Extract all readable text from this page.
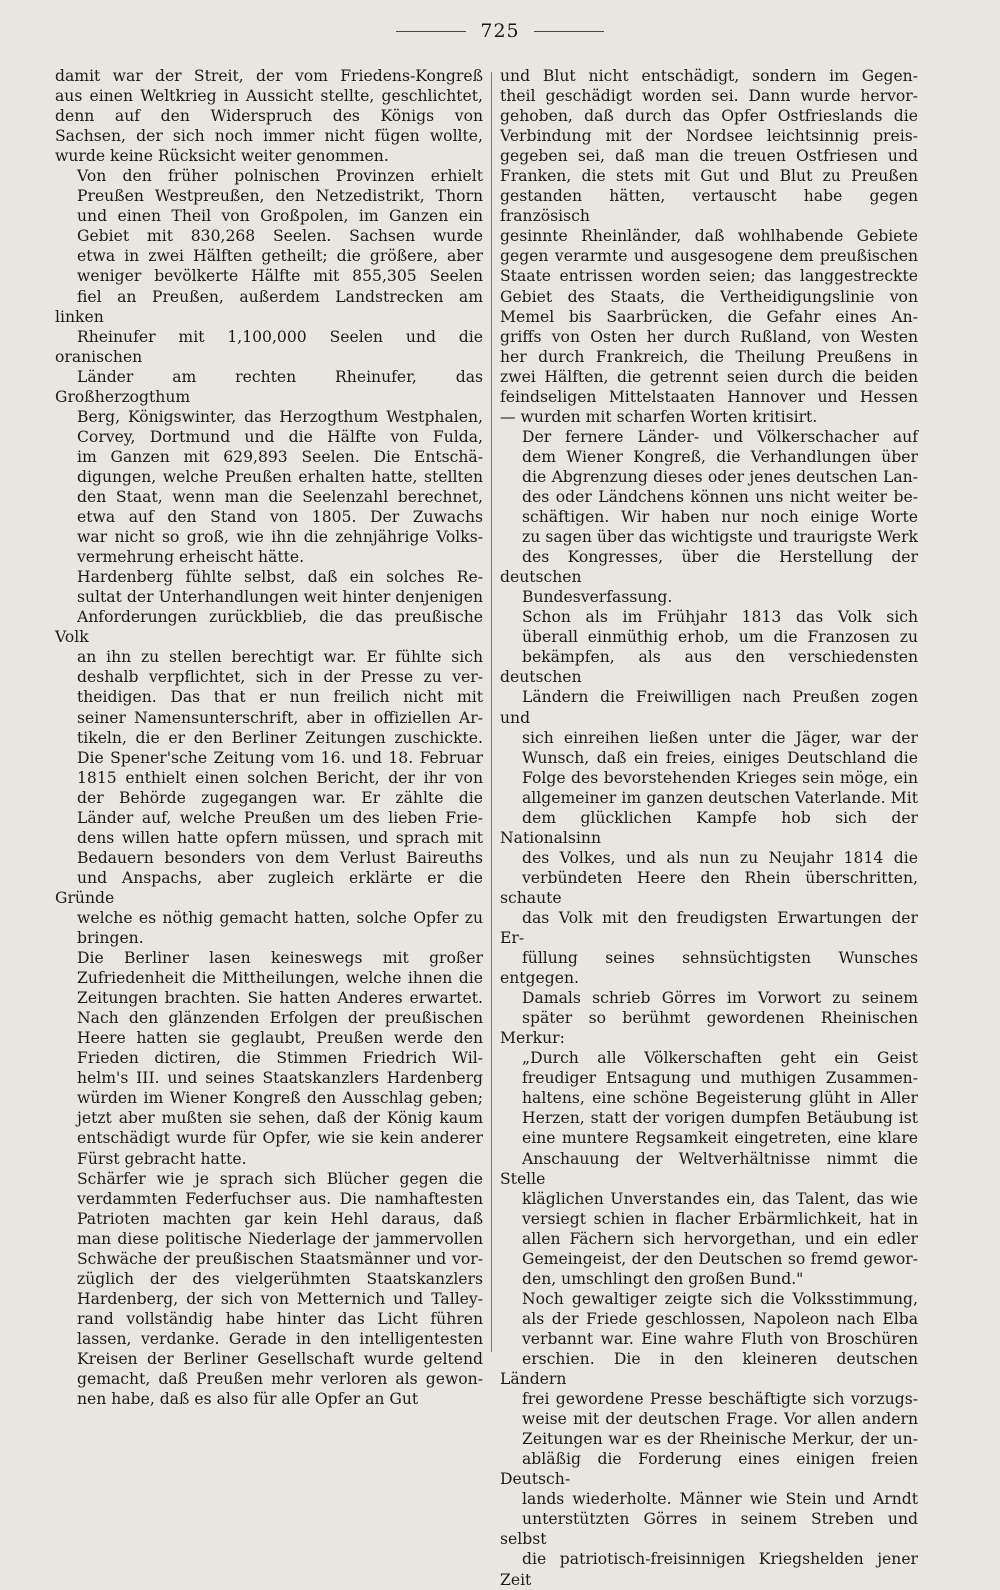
725

damit war der Streit, der vom Friedens-Kongreß
aus einen Weltkrieg in Aussicht stellte, geschlichtet,
denn auf den Widerspruch des Königs von
Sachsen, der sich noch immer nicht fügen wollte,
wurde keine Rücksicht weiter genommen.

Von den früher polnischen Provinzen erhielt
Preußen Westpreußen, den Netzedistrikt, Thorn
und einen Theil von Großpolen, im Ganzen ein
Gebiet mit 830,268 Seelen. Sachsen wurde
etwa in zwei Hälften getheilt; die größere, aber
weniger bevölkerte Hälfte mit 855,305 Seelen
fiel an Preußen, außerdem Landstrecken am linken
Rheinufer mit 1,100,000 Seelen und die oranischen
Länder am rechten Rheinufer, das Großherzogthum
Berg, Königswinter, das Herzogthum Westphalen,
Corvey, Dortmund und die Hälfte von Fulda,
im Ganzen mit 629,893 Seelen. Die Entschä-
digungen, welche Preußen erhalten hatte, stellten
den Staat, wenn man die Seelenzahl berechnet,
etwa auf den Stand von 1805. Der Zuwachs
war nicht so groß, wie ihn die zehnjährige Volks-
vermehrung erheischt hätte.

Hardenberg fühlte selbst, daß ein solches Re-
sultat der Unterhandlungen weit hinter denjenigen
Anforderungen zurückblieb, die das preußische Volk
an ihn zu stellen berechtigt war. Er fühlte sich
deshalb verpflichtet, sich in der Presse zu ver-
theidigen. Das that er nun freilich nicht mit
seiner Namensunterschrift, aber in offiziellen Ar-
tikeln, die er den Berliner Zeitungen zuschickte.
Die Spener'sche Zeitung vom 16. und 18. Februar
1815 enthielt einen solchen Bericht, der ihr von
der Behörde zugegangen war. Er zählte die
Länder auf, welche Preußen um des lieben Frie-
dens willen hatte opfern müssen, und sprach mit
Bedauern besonders von dem Verlust Baireuths
und Anspachs, aber zugleich erklärte er die Gründe
welche es nöthig gemacht hatten, solche Opfer zu
bringen.

Die Berliner lasen keineswegs mit großer
Zufriedenheit die Mittheilungen, welche ihnen die
Zeitungen brachten. Sie hatten Anderes erwartet.
Nach den glänzenden Erfolgen der preußischen
Heere hatten sie geglaubt, Preußen werde den
Frieden dictiren, die Stimmen Friedrich Wil-
helm's III. und seines Staatskanzlers Hardenberg
würden im Wiener Kongreß den Ausschlag geben;
jetzt aber mußten sie sehen, daß der König kaum
entschädigt wurde für Opfer, wie sie kein anderer
Fürst gebracht hatte.

Schärfer wie je sprach sich Blücher gegen die
verdammten Federfuchser aus. Die namhaftesten
Patrioten machten gar kein Hehl daraus, daß
man diese politische Niederlage der jammervollen
Schwäche der preußischen Staatsmänner und vor-
züglich der des vielgerühmten Staatskanzlers
Hardenberg, der sich von Metternich und Talley-
rand vollständig habe hinter das Licht führen
lassen, verdanke. Gerade in den intelligentesten
Kreisen der Berliner Gesellschaft wurde geltend
gemacht, daß Preußen mehr verloren als gewon-
nen habe, daß es also für alle Opfer an Gut

und Blut nicht entschädigt, sondern im Gegen-
theil geschädigt worden sei. Dann wurde hervor-
gehoben, daß durch das Opfer Ostfrieslands die
Verbindung mit der Nordsee leichtsinnig preis-
gegeben sei, daß man die treuen Ostfriesen und
Franken, die stets mit Gut und Blut zu Preußen
gestanden hätten, vertauscht habe gegen französisch
gesinnte Rheinländer, daß wohlhabende Gebiete
gegen verarmte und ausgesogene dem preußischen
Staate entrissen worden seien; das langgestreckte
Gebiet des Staats, die Vertheidigungslinie von
Memel bis Saarbrücken, die Gefahr eines An-
griffs von Osten her durch Rußland, von Westen
her durch Frankreich, die Theilung Preußens in
zwei Hälften, die getrennt seien durch die beiden
feindseligen Mittelstaaten Hannover und Hessen
— wurden mit scharfen Worten kritisirt.

Der fernere Länder- und Völkerschacher auf
dem Wiener Kongreß, die Verhandlungen über
die Abgrenzung dieses oder jenes deutschen Lan-
des oder Ländchens können uns nicht weiter be-
schäftigen. Wir haben nur noch einige Worte
zu sagen über das wichtigste und traurigste Werk
des Kongresses, über die Herstellung der deutschen
Bundesverfassung.

Schon als im Frühjahr 1813 das Volk sich
überall einmüthig erhob, um die Franzosen zu
bekämpfen, als aus den verschiedensten deutschen
Ländern die Freiwilligen nach Preußen zogen und
sich einreihen ließen unter die Jäger, war der
Wunsch, daß ein freies, einiges Deutschland die
Folge des bevorstehenden Krieges sein möge, ein
allgemeiner im ganzen deutschen Vaterlande. Mit
dem glücklichen Kampfe hob sich der Nationalsinn
des Volkes, und als nun zu Neujahr 1814 die
verbündeten Heere den Rhein überschritten, schaute
das Volk mit den freudigsten Erwartungen der Er-
füllung seines sehnsüchtigsten Wunsches entgegen.

Damals schrieb Görres im Vorwort zu seinem
später so berühmt gewordenen Rheinischen Merkur:
„Durch alle Völkerschaften geht ein Geist
freudiger Entsagung und muthigen Zusammen-
haltens, eine schöne Begeisterung glüht in Aller
Herzen, statt der vorigen dumpfen Betäubung ist
eine muntere Regsamkeit eingetreten, eine klare
Anschauung der Weltverhältnisse nimmt die Stelle
kläglichen Unverstandes ein, das Talent, das wie
versiegt schien in flacher Erbärmlichkeit, hat in
allen Fächern sich hervorgethan, und ein edler
Gemeingeist, der den Deutschen so fremd gewor-
den, umschlingt den großen Bund."

Noch gewaltiger zeigte sich die Volksstimmung,
als der Friede geschlossen, Napoleon nach Elba
verbannt war. Eine wahre Fluth von Broschüren
erschien. Die in den kleineren deutschen Ländern
frei gewordene Presse beschäftigte sich vorzugs-
weise mit der deutschen Frage. Vor allen andern
Zeitungen war es der Rheinische Merkur, der un-
abläßig die Forderung eines einigen freien Deutsch-
lands wiederholte. Männer wie Stein und Arndt
unterstützten Görres in seinem Streben und selbst
die patriotisch-freisinnigen Kriegshelden jener Zeit
